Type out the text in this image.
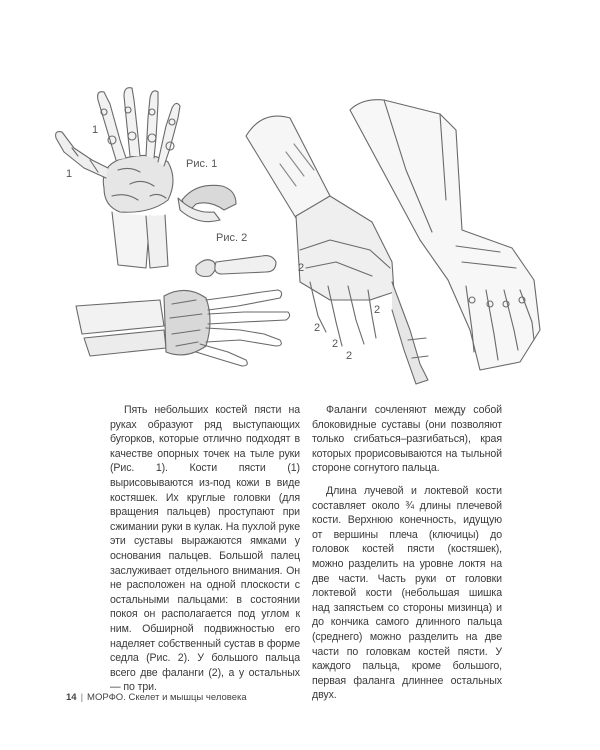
1
1
Рис. 1
Рис. 2
2
2
2
2
2

Пять небольших костей пясти на руках образуют ряд выступающих бугорков, которые отлично подходят в качестве опорных точек на тыле руки (Рис. 1). Кости пясти (1) вырисовываются из-под кожи в виде костяшек. Их круглые головки (для вращения пальцев) проступают при сжимании руки в кулак. На пухлой руке эти суставы выражаются ямками у основания пальцев. Большой палец заслуживает отдельного внимания. Он не расположен на одной плоскости с остальными пальцами: в состоянии покоя он располагается под углом к ним. Обширной подвижностью его наделяет собственный сустав в форме седла (Рис. 2). У большого пальца всего две фаланги (2), а у остальных — по три.

Фаланги сочленяют между собой блоковидные суставы (они позволяют только сгибаться–разгибаться), края которых прорисовываются на тыльной стороне согнутого пальца.

Длина лучевой и локтевой кости составляет около ¾ длины плечевой кости. Верхнюю конечность, идущую от вершины плеча (ключицы) до головок костей пясти (костяшек), можно разделить на уровне локтя на две части. Часть руки от головки локтевой кости (небольшая шишка над запястьем со стороны мизинца) и до кончика самого длинного пальца (среднего) можно разделить на две части по головкам костей пясти. У каждого пальца, кроме большого, первая фаланга длиннее остальных двух.

14 | МОРФО. Скелет и мышцы человека
